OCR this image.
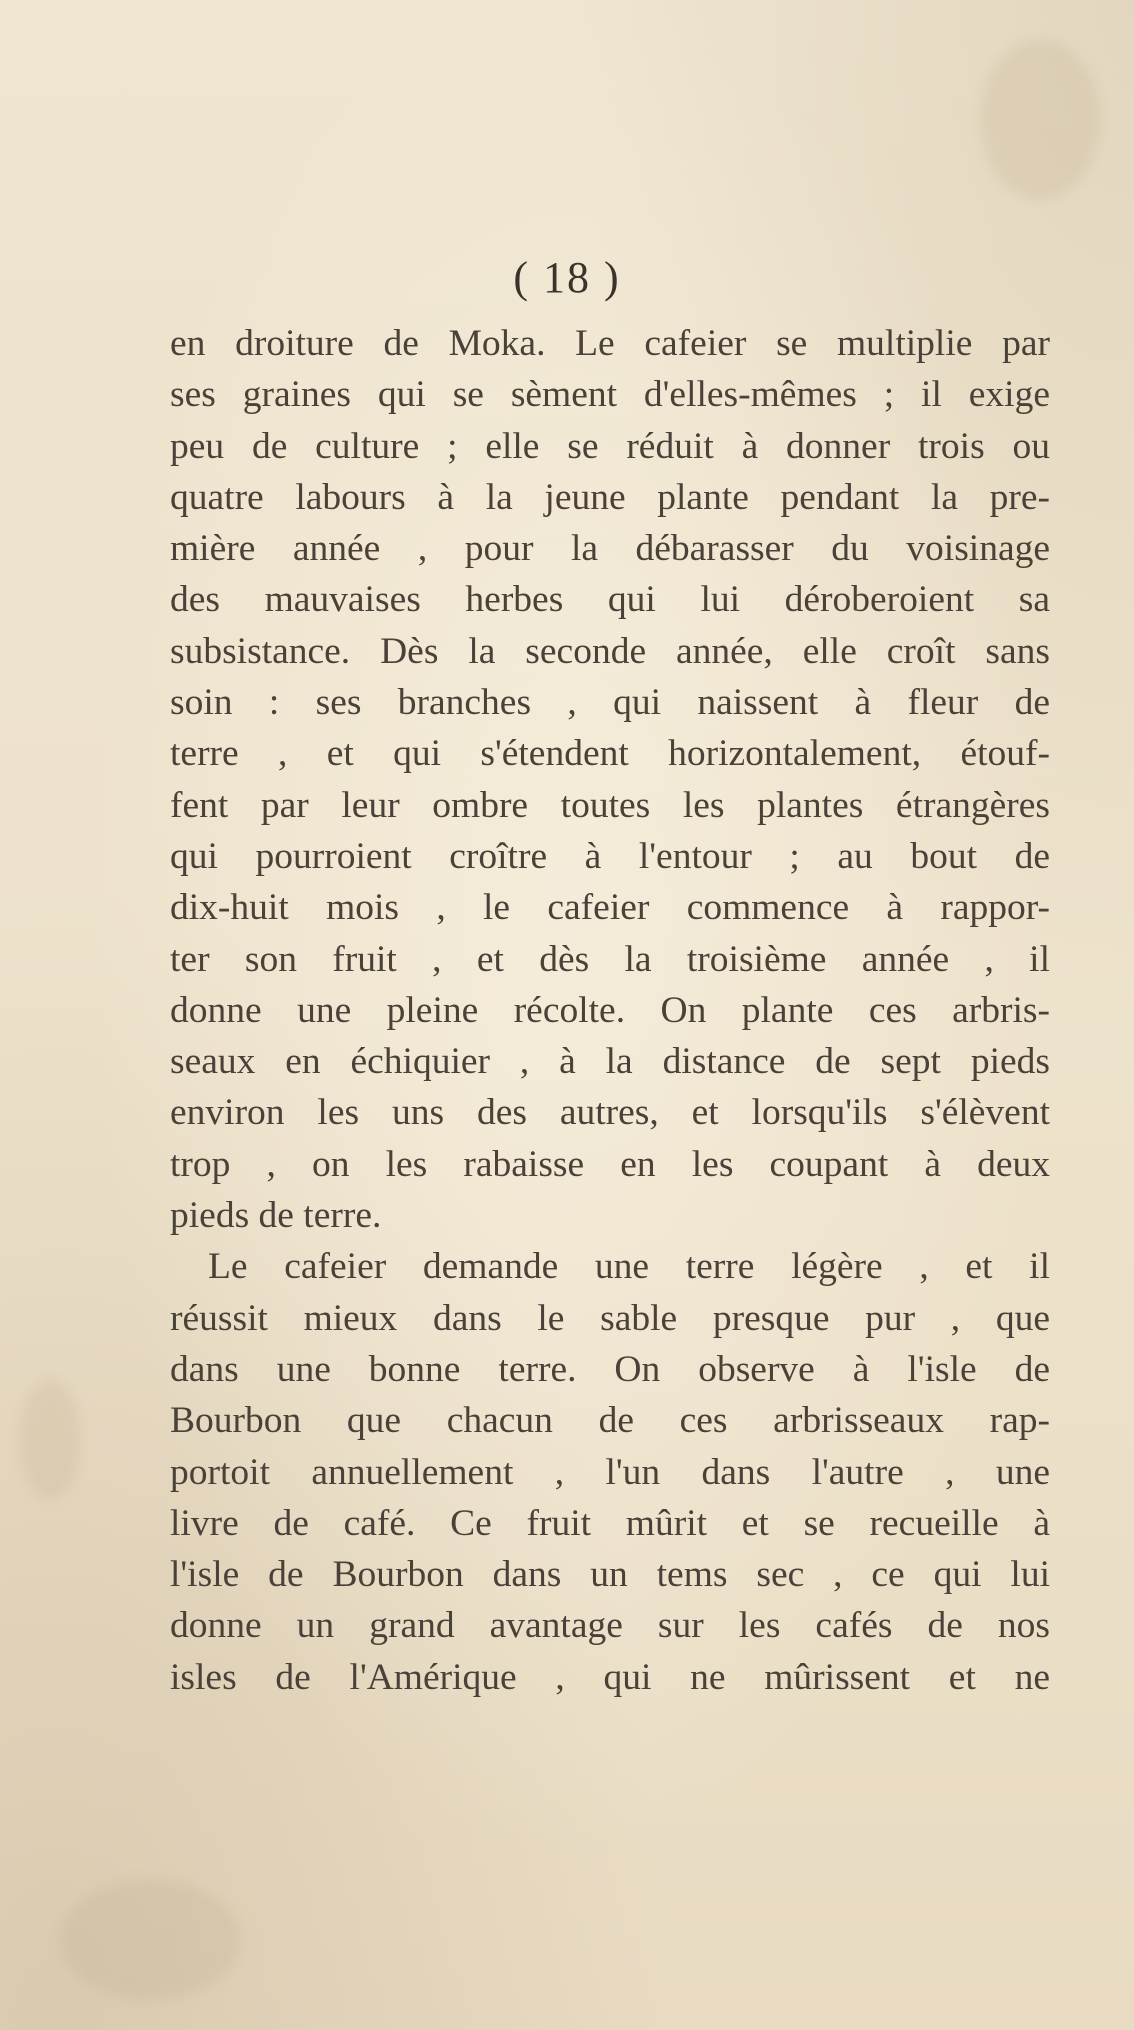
( 18 )
en droiture de Moka. Le cafeier se multiplie par
ses graines qui se sèment d'elles-mêmes ; il exige
peu de culture ; elle se réduit à donner trois ou
quatre labours à la jeune plante pendant la pre-
mière année , pour la débarasser du voisinage
des mauvaises herbes qui lui déroberoient sa
subsistance. Dès la seconde année, elle croît sans
soin : ses branches , qui naissent à fleur de
terre , et qui s'étendent horizontalement, étouf-
fent par leur ombre toutes les plantes étrangères
qui pourroient croître à l'entour ; au bout de
dix-huit mois , le cafeier commence à rappor-
ter son fruit , et dès la troisième année , il
donne une pleine récolte. On plante ces arbris-
seaux en échiquier , à la distance de sept pieds
environ les uns des autres, et lorsqu'ils s'élèvent
trop , on les rabaisse en les coupant à deux
pieds de terre.
Le cafeier demande une terre légère , et il
réussit mieux dans le sable presque pur , que
dans une bonne terre. On observe à l'isle de
Bourbon que chacun de ces arbrisseaux rap-
portoit annuellement , l'un dans l'autre , une
livre de café. Ce fruit mûrit et se recueille à
l'isle de Bourbon dans un tems sec , ce qui lui
donne un grand avantage sur les cafés de nos
isles de l'Amérique , qui ne mûrissent et ne
